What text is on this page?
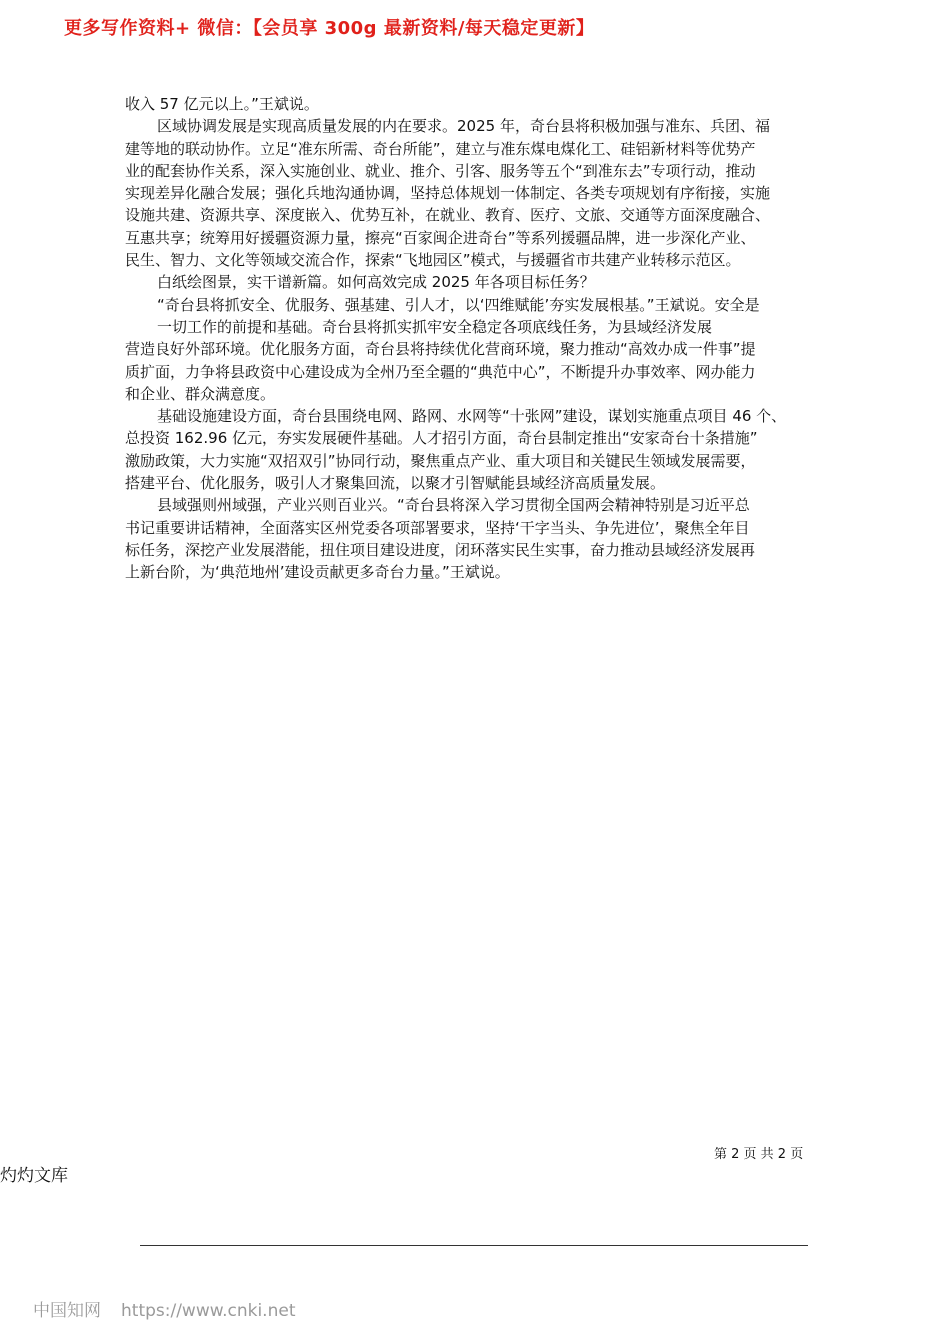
更多写作资料+ 微信：【会员享 300g 最新资料/每天稳定更新】

收入 57 亿元以上。”王斌说。

区域协调发展是实现高质量发展的内在要求。2025 年，奇台县将积极加强与准东、兵团、福

建等地的联动协作。立足“准东所需、奇台所能”，建立与准东煤电煤化工、硅铝新材料等优势产

业的配套协作关系，深入实施创业、就业、推介、引客、服务等五个“到准东去”专项行动，推动

实现差异化融合发展；强化兵地沟通协调，坚持总体规划一体制定、各类专项规划有序衔接，实施

设施共建、资源共享、深度嵌入、优势互补，在就业、教育、医疗、文旅、交通等方面深度融合、

互惠共享；统筹用好援疆资源力量，擦亮“百家闽企进奇台”等系列援疆品牌，进一步深化产业、

民生、智力、文化等领域交流合作，探索“飞地园区”模式，与援疆省市共建产业转移示范区。

白纸绘图景，实干谱新篇。如何高效完成 2025 年各项目标任务？

“奇台县将抓安全、优服务、强基建、引人才，以‘四维赋能’夯实发展根基。”王斌说。安全是

一切工作的前提和基础。奇台县将抓实抓牢安全稳定各项底线任务，为县域经济发展

营造良好外部环境。优化服务方面，奇台县将持续优化营商环境，聚力推动“高效办成一件事”提

质扩面，力争将县政资中心建设成为全州乃至全疆的“典范中心”，不断提升办事效率、网办能力

和企业、群众满意度。

基础设施建设方面，奇台县围绕电网、路网、水网等“十张网”建设，谋划实施重点项目 46 个、

总投资 162.96 亿元，夯实发展硬件基础。人才招引方面，奇台县制定推出“安家奇台十条措施”

激励政策，大力实施“双招双引”协同行动，聚焦重点产业、重大项目和关键民生领域发展需要，

搭建平台、优化服务，吸引人才聚集回流，以聚才引智赋能县域经济高质量发展。

县域强则州域强，产业兴则百业兴。“奇台县将深入学习贯彻全国两会精神特别是习近平总

书记重要讲话精神，全面落实区州党委各项部署要求，坚持‘干字当头、争先进位’，聚焦全年目

标任务，深挖产业发展潜能，扭住项目建设进度，闭环落实民生实事，奋力推动县域经济发展再

上新台阶，为‘典范地州’建设贡献更多奇台力量。”王斌说。

第 2 页 共 2 页
灼灼文库
中国知网 https://www.cnki.net
